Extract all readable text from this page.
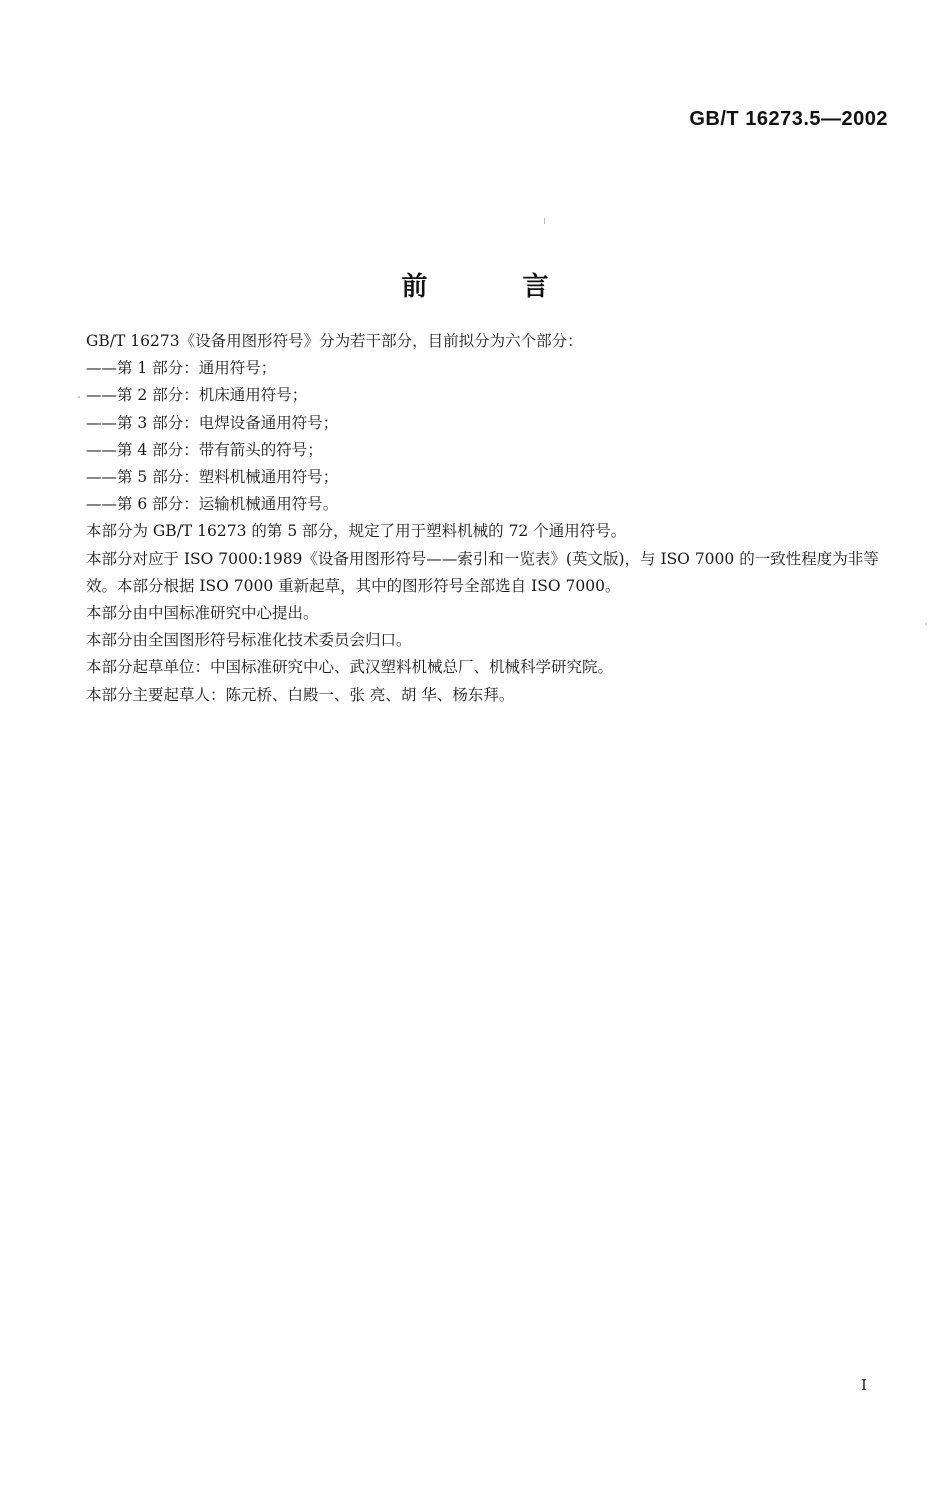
GB/T 16273.5—2002
前言
GB/T 16273《设备用图形符号》分为若干部分，目前拟分为六个部分：
——第 1 部分：通用符号；
——第 2 部分：机床通用符号；
——第 3 部分：电焊设备通用符号；
——第 4 部分：带有箭头的符号；
——第 5 部分：塑料机械通用符号；
——第 6 部分：运输机械通用符号。
本部分为 GB/T 16273 的第 5 部分，规定了用于塑料机械的 72 个通用符号。
本部分对应于 ISO 7000:1989《设备用图形符号——索引和一览表》(英文版)，与 ISO 7000 的一致性程度为非等效。本部分根据 ISO 7000 重新起草，其中的图形符号全部选自 ISO 7000。
本部分由中国标准研究中心提出。
本部分由全国图形符号标准化技术委员会归口。
本部分起草单位：中国标准研究中心、武汉塑料机械总厂、机械科学研究院。
本部分主要起草人：陈元桥、白殿一、张 亮、胡 华、杨东拜。
I
